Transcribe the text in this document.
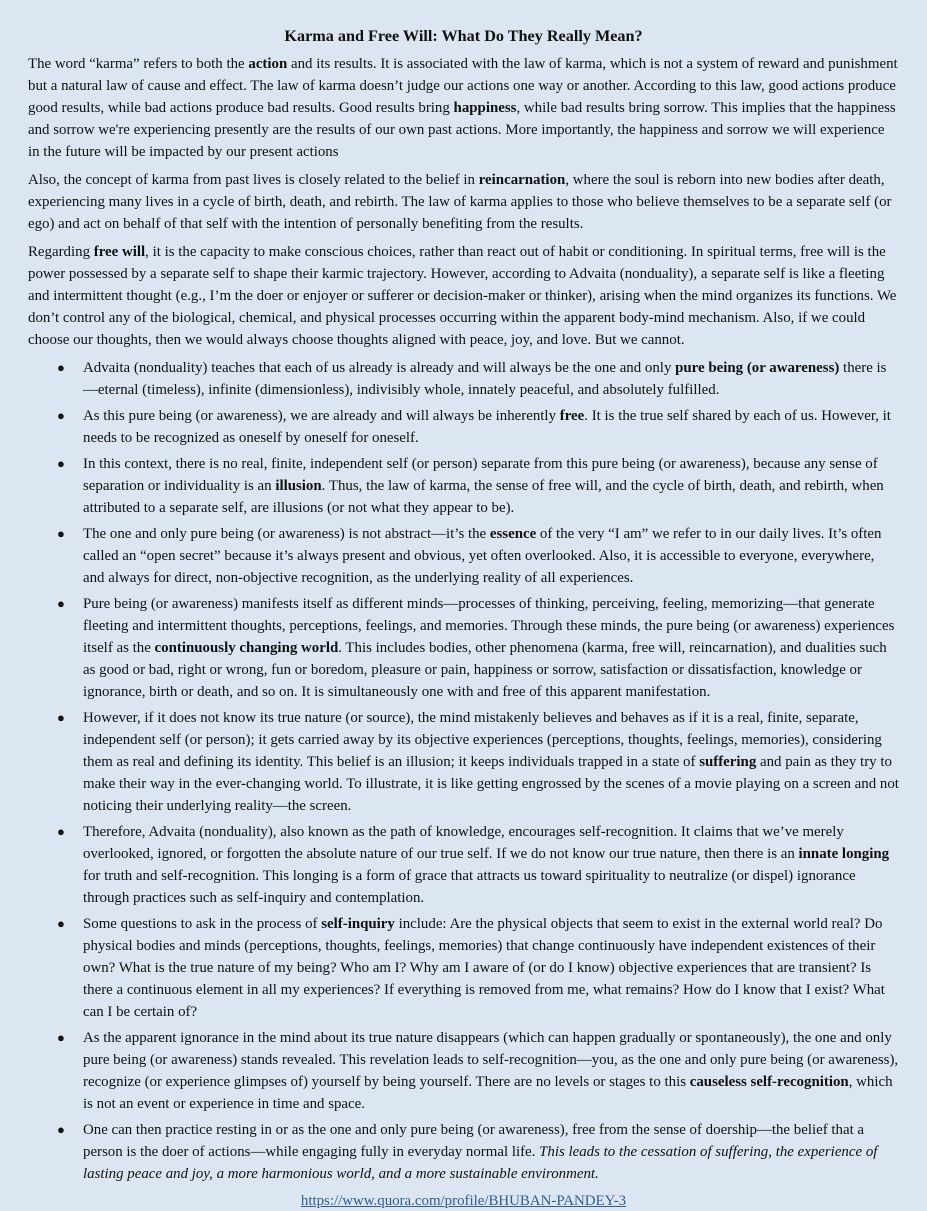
Karma and Free Will: What Do They Really Mean?

The word “karma” refers to both the action and its results. It is associated with the law of karma, which is not a system of reward and punishment but a natural law of cause and effect. The law of karma doesn’t judge our actions one way or another. According to this law, good actions produce good results, while bad actions produce bad results. Good results bring happiness, while bad results bring sorrow. This implies that the happiness and sorrow we're experiencing presently are the results of our own past actions. More importantly, the happiness and sorrow we will experience in the future will be impacted by our present actions

Also, the concept of karma from past lives is closely related to the belief in reincarnation, where the soul is reborn into new bodies after death, experiencing many lives in a cycle of birth, death, and rebirth. The law of karma applies to those who believe themselves to be a separate self (or ego) and act on behalf of that self with the intention of personally benefiting from the results.

Regarding free will, it is the capacity to make conscious choices, rather than react out of habit or conditioning. In spiritual terms, free will is the power possessed by a separate self to shape their karmic trajectory. However, according to Advaita (nonduality), a separate self is like a fleeting and intermittent thought (e.g., I’m the doer or enjoyer or sufferer or decision-maker or thinker), arising when the mind organizes its functions. We don’t control any of the biological, chemical, and physical processes occurring within the apparent body-mind mechanism. Also, if we could choose our thoughts, then we would always choose thoughts aligned with peace, joy, and love. But we cannot.

● Advaita (nonduality) teaches that each of us already is already and will always be the one and only pure being (or awareness) there is—eternal (timeless), infinite (dimensionless), indivisibly whole, innately peaceful, and absolutely fulfilled.
● As this pure being (or awareness), we are already and will always be inherently free. It is the true self shared by each of us. However, it needs to be recognized as oneself by oneself for oneself.
● In this context, there is no real, finite, independent self (or person) separate from this pure being (or awareness), because any sense of separation or individuality is an illusion. Thus, the law of karma, the sense of free will, and the cycle of birth, death, and rebirth, when attributed to a separate self, are illusions (or not what they appear to be).
● The one and only pure being (or awareness) is not abstract—it’s the essence of the very “I am” we refer to in our daily lives. It’s often called an “open secret” because it’s always present and obvious, yet often overlooked. Also, it is accessible to everyone, everywhere, and always for direct, non-objective recognition, as the underlying reality of all experiences.
● Pure being (or awareness) manifests itself as different minds—processes of thinking, perceiving, feeling, memorizing—that generate fleeting and intermittent thoughts, perceptions, feelings, and memories. Through these minds, the pure being (or awareness) experiences itself as the continuously changing world. This includes bodies, other phenomena (karma, free will, reincarnation), and dualities such as good or bad, right or wrong, fun or boredom, pleasure or pain, happiness or sorrow, satisfaction or dissatisfaction, knowledge or ignorance, birth or death, and so on. It is simultaneously one with and free of this apparent manifestation.
● However, if it does not know its true nature (or source), the mind mistakenly believes and behaves as if it is a real, finite, separate, independent self (or person); it gets carried away by its objective experiences (perceptions, thoughts, feelings, memories), considering them as real and defining its identity. This belief is an illusion; it keeps individuals trapped in a state of suffering and pain as they try to make their way in the ever-changing world. To illustrate, it is like getting engrossed by the scenes of a movie playing on a screen and not noticing their underlying reality—the screen.
● Therefore, Advaita (nonduality), also known as the path of knowledge, encourages self-recognition. It claims that we’ve merely overlooked, ignored, or forgotten the absolute nature of our true self. If we do not know our true nature, then there is an innate longing for truth and self-recognition. This longing is a form of grace that attracts us toward spirituality to neutralize (or dispel) ignorance through practices such as self-inquiry and contemplation.
● Some questions to ask in the process of self-inquiry include: Are the physical objects that seem to exist in the external world real? Do physical bodies and minds (perceptions, thoughts, feelings, memories) that change continuously have independent existences of their own? What is the true nature of my being? Who am I? Why am I aware of (or do I know) objective experiences that are transient? Is there a continuous element in all my experiences? If everything is removed from me, what remains? How do I know that I exist? What can I be certain of?
● As the apparent ignorance in the mind about its true nature disappears (which can happen gradually or spontaneously), the one and only pure being (or awareness) stands revealed. This revelation leads to self-recognition—you, as the one and only pure being (or awareness), recognize (or experience glimpses of) yourself by being yourself. There are no levels or stages to this causeless self-recognition, which is not an event or experience in time and space.
● One can then practice resting in or as the one and only pure being (or awareness), free from the sense of doership—the belief that a person is the doer of actions—while engaging fully in everyday normal life. This leads to the cessation of suffering, the experience of lasting peace and joy, a more harmonious world, and a more sustainable environment.
https://www.quora.com/profile/BHUBAN-PANDEY-3
